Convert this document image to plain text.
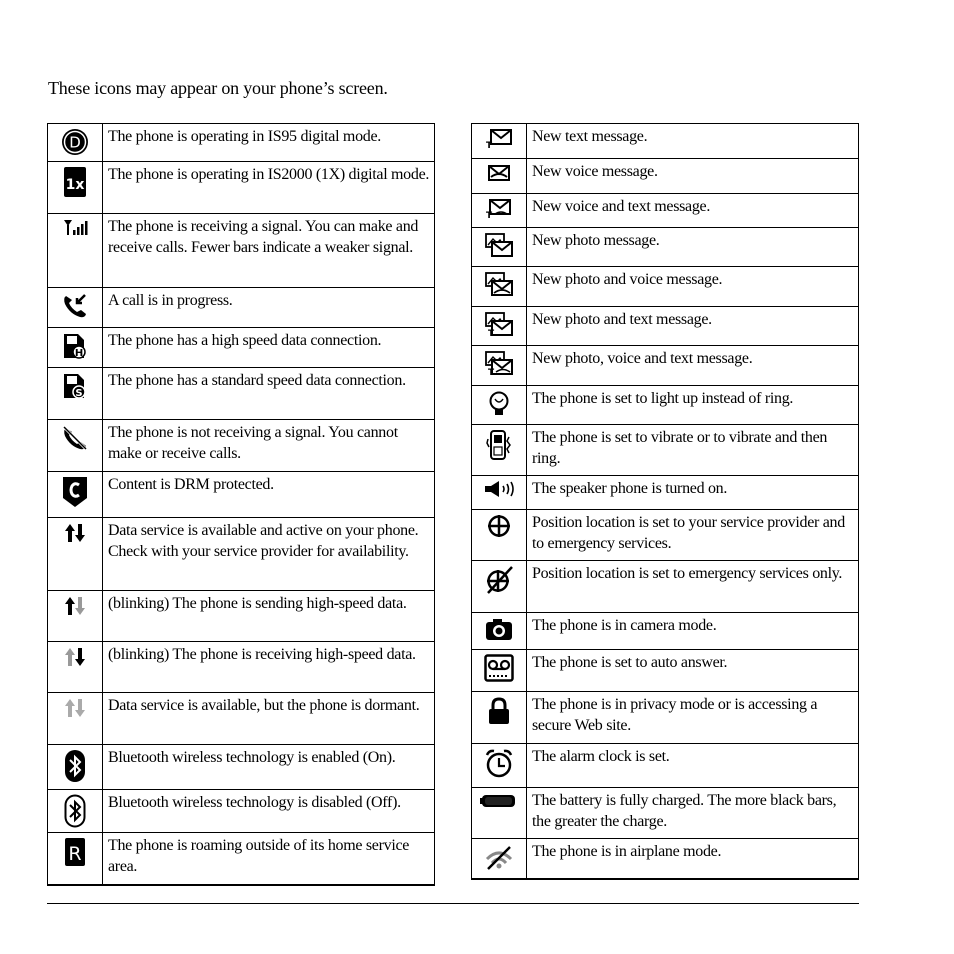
These icons may appear on your phone’s screen.
D	The phone is operating in IS95 digital mode.

1x	The phone is operating in IS2000 (1X) digital mode.

	The phone is receiving a signal. You can make and receive calls. Fewer bars indicate a weaker signal.

	A call is in progress.

H	The phone has a high speed data connection.

S	The phone has a standard speed data connection.

	The phone is not receiving a signal. You cannot make or receive calls.

	Content is DRM protected.

	Data service is available and active on your phone. Check with your service provider for availability.

	(blinking) The phone is sending high-speed data.

	(blinking) The phone is receiving high-speed data.

	Data service is available, but the phone is dormant.

	Bluetooth wireless technology is enabled (On).

	Bluetooth wireless technology is disabled (Off).

R	The phone is roaming outside of its home service area.
T	New text message.

	New voice message.

T	New voice and text message.

	New photo message.

	New photo and voice message.

T	New photo and text message.

T	New photo, voice and text message.

	The phone is set to light up instead of ring.

	The phone is set to vibrate or to vibrate and then ring.

	The speaker phone is turned on.

	Position location is set to your service provider and to emergency services.

	Position location is set to emergency services only.

	The phone is in camera mode.

	The phone is set to auto answer.

	The phone is in privacy mode or is accessing a secure Web site.

	The alarm clock is set.

	The battery is fully charged. The more black bars, the greater the charge.

	The phone is in airplane mode.
